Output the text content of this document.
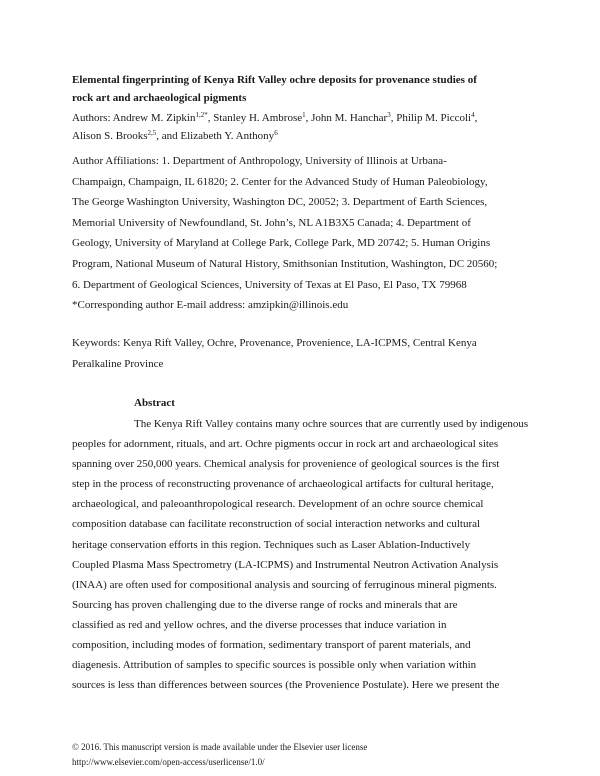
Elemental fingerprinting of Kenya Rift Valley ochre deposits for provenance studies of
rock art and archaeological pigments
Authors: Andrew M. Zipkin$^{1,2*}$, Stanley H. Ambrose$^1$, John M. Hanchar$^3$, Philip M. Piccoli$^4$,
Alison S. Brooks$^{2,5}$, and Elizabeth Y. Anthony$^6$
Author Affiliations: 1. Department of Anthropology, University of Illinois at Urbana-
Champaign, Champaign, IL 61820; 2. Center for the Advanced Study of Human Paleobiology,
The George Washington University, Washington DC, 20052; 3. Department of Earth Sciences,
Memorial University of Newfoundland, St. John’s, NL A1B3X5 Canada; 4. Department of
Geology, University of Maryland at College Park, College Park, MD 20742; 5. Human Origins
Program, National Museum of Natural History, Smithsonian Institution, Washington, DC 20560;
6. Department of Geological Sciences, University of Texas at El Paso, El Paso, TX 79968
*Corresponding author E-mail address: amzipkin@illinois.edu
Keywords: Kenya Rift Valley, Ochre, Provenance, Provenience, LA-ICPMS, Central Kenya
Peralkaline Province
Abstract
The Kenya Rift Valley contains many ochre sources that are currently used by indigenous
peoples for adornment, rituals, and art. Ochre pigments occur in rock art and archaeological sites
spanning over 250,000 years. Chemical analysis for provenience of geological sources is the first
step in the process of reconstructing provenance of archaeological artifacts for cultural heritage,
archaeological, and paleoanthropological research. Development of an ochre source chemical
composition database can facilitate reconstruction of social interaction networks and cultural
heritage conservation efforts in this region. Techniques such as Laser Ablation-Inductively
Coupled Plasma Mass Spectrometry (LA-ICPMS) and Instrumental Neutron Activation Analysis
(INAA) are often used for compositional analysis and sourcing of ferruginous mineral pigments.
Sourcing has proven challenging due to the diverse range of rocks and minerals that are
classified as red and yellow ochres, and the diverse processes that induce variation in
composition, including modes of formation, sedimentary transport of parent materials, and
diagenesis. Attribution of samples to specific sources is possible only when variation within
sources is less than differences between sources (the Provenience Postulate). Here we present the
© 2016. This manuscript version is made available under the Elsevier user license
http://www.elsevier.com/open-access/userlicense/1.0/
